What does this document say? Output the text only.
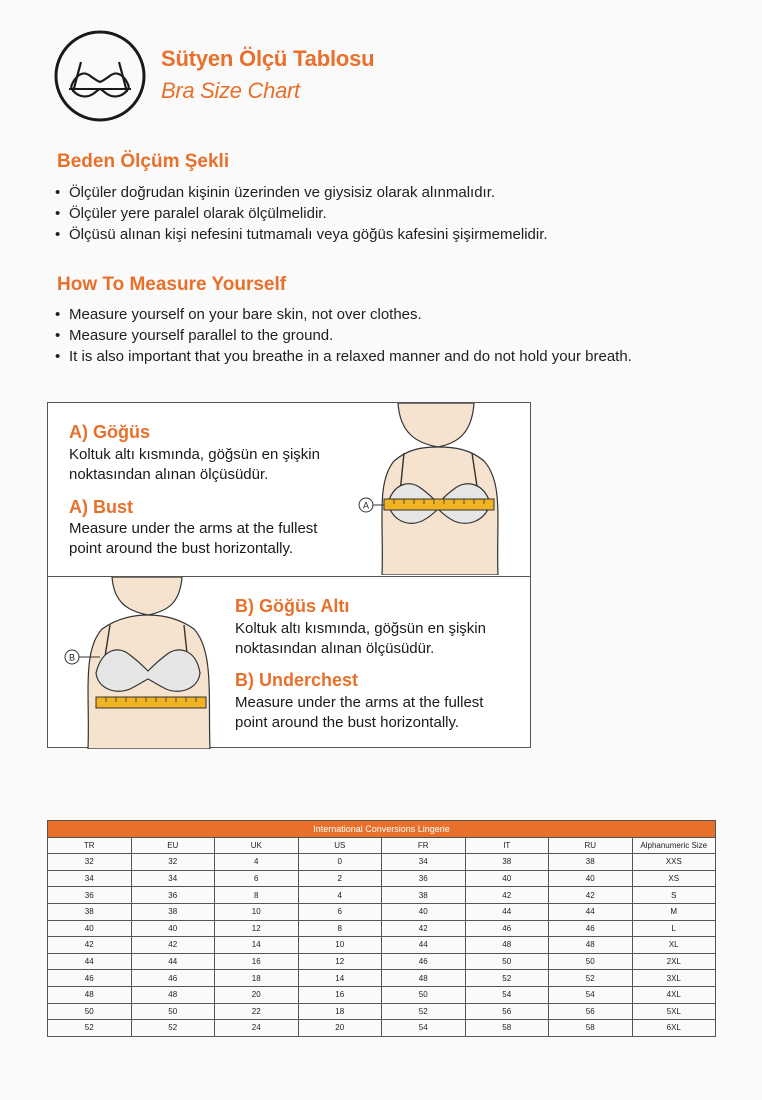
Sütyen Ölçü Tablosu
Bra Size Chart
Beden Ölçüm Şekli
• Ölçüler doğrudan kişinin üzerinden ve giysisiz olarak alınmalıdır.
• Ölçüler yere paralel olarak ölçülmelidir.
• Ölçüsü alınan kişi nefesini tutmamalı veya göğüs kafesini şişirmemelidir.
How To Measure Yourself
• Measure yourself on your bare skin, not over clothes.
• Measure yourself parallel to the ground.
• It is also important that you breathe in a relaxed manner and do not hold your breath.
A) Göğüs
Koltuk altı kısmında, göğsün en şişkin
noktasından alınan ölçüsüdür.
A) Bust
Measure under the arms at the fullest
point around the bust horizontally.
A
B
B) Göğüs Altı
Koltuk altı kısmında, göğsün en şişkin
noktasından alınan ölçüsüdür.
B) Underchest
Measure under the arms at the fullest
point around the bust horizontally.
International Conversions Lingerie							
TR	EU	UK	US	FR	IT	RU	Alphanumeric Size
32	32	4	0	34	38	38	XXS
34	34	6	2	36	40	40	XS
36	36	8	4	38	42	42	S
38	38	10	6	40	44	44	M
40	40	12	8	42	46	46	L
42	42	14	10	44	48	48	XL
44	44	16	12	46	50	50	2XL
46	46	18	14	48	52	52	3XL
48	48	20	16	50	54	54	4XL
50	50	22	18	52	56	56	5XL
52	52	24	20	54	58	58	6XL
